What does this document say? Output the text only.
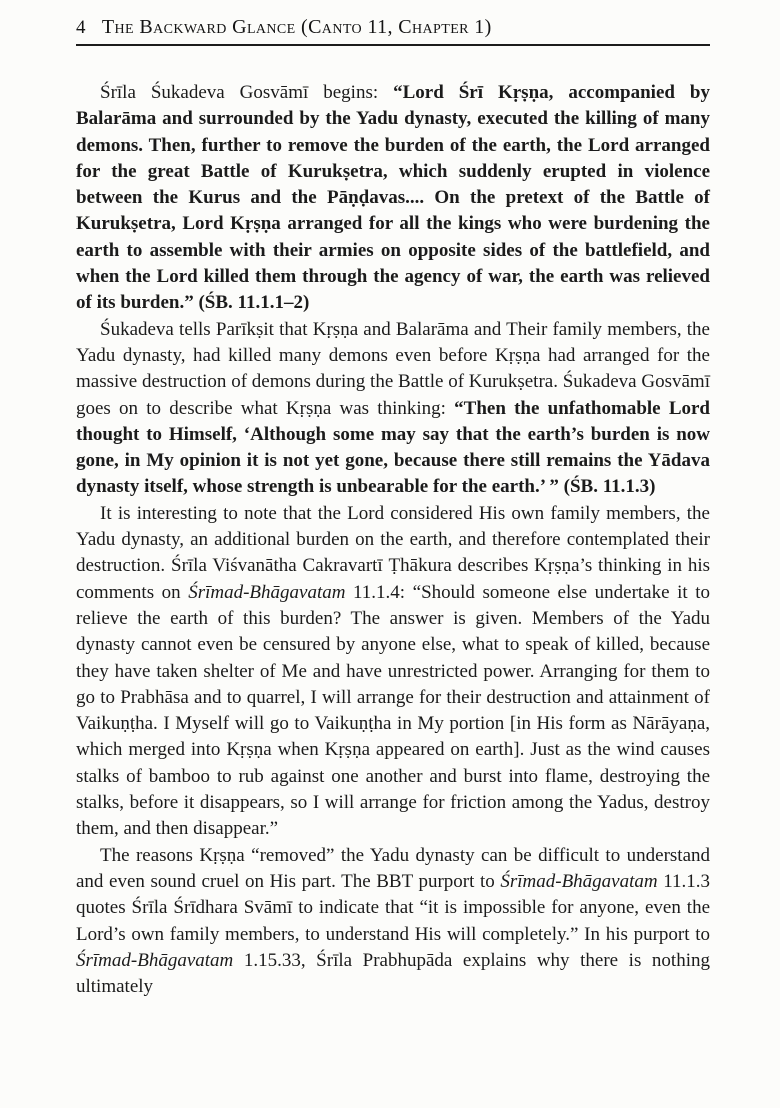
4 The Backward Glance (Canto 11, Chapter 1)

Śrīla Śukadeva Gosvāmī begins: “Lord Śrī Kṛṣṇa, accompanied by Balarāma and surrounded by the Yadu dynasty, executed the killing of many demons. Then, further to remove the burden of the earth, the Lord arranged for the great Battle of Kurukṣetra, which suddenly erupted in violence between the Kurus and the Pāṇḍavas.... On the pretext of the Battle of Kurukṣetra, Lord Kṛṣṇa arranged for all the kings who were burdening the earth to assemble with their armies on opposite sides of the battlefield, and when the Lord killed them through the agency of war, the earth was relieved of its burden.” (ŚB. 11.1.1–2)

Śukadeva tells Parīkṣit that Kṛṣṇa and Balarāma and Their family members, the Yadu dynasty, had killed many demons even before Kṛṣṇa had arranged for the massive destruction of demons during the Battle of Kurukṣetra. Śukadeva Gosvāmī goes on to describe what Kṛṣṇa was thinking: “Then the unfathomable Lord thought to Himself, ‘Although some may say that the earth’s burden is now gone, in My opinion it is not yet gone, because there still remains the Yādava dynasty itself, whose strength is unbearable for the earth.’ ” (ŚB. 11.1.3)

It is interesting to note that the Lord considered His own family members, the Yadu dynasty, an additional burden on the earth, and therefore contemplated their destruction. Śrīla Viśvanātha Cakravartī Ṭhākura describes Kṛṣṇa’s thinking in his comments on Śrīmad-Bhāgavatam 11.1.4: “Should someone else undertake it to relieve the earth of this burden? The answer is given. Members of the Yadu dynasty cannot even be censured by anyone else, what to speak of killed, because they have taken shelter of Me and have unrestricted power. Arranging for them to go to Prabhāsa and to quarrel, I will arrange for their destruction and attainment of Vaikuṇṭha. I Myself will go to Vaikuṇṭha in My portion [in His form as Nārāyaṇa, which merged into Kṛṣṇa when Kṛṣṇa appeared on earth]. Just as the wind causes stalks of bamboo to rub against one another and burst into flame, destroying the stalks, before it disappears, so I will arrange for friction among the Yadus, destroy them, and then disappear.”

The reasons Kṛṣṇa “removed” the Yadu dynasty can be difficult to understand and even sound cruel on His part. The BBT purport to Śrīmad-Bhāgavatam 11.1.3 quotes Śrīla Śrīdhara Svāmī to indicate that “it is impossible for anyone, even the Lord’s own family members, to understand His will completely.” In his purport to Śrīmad-Bhāgavatam 1.15.33, Śrīla Prabhupāda explains why there is nothing ultimately
